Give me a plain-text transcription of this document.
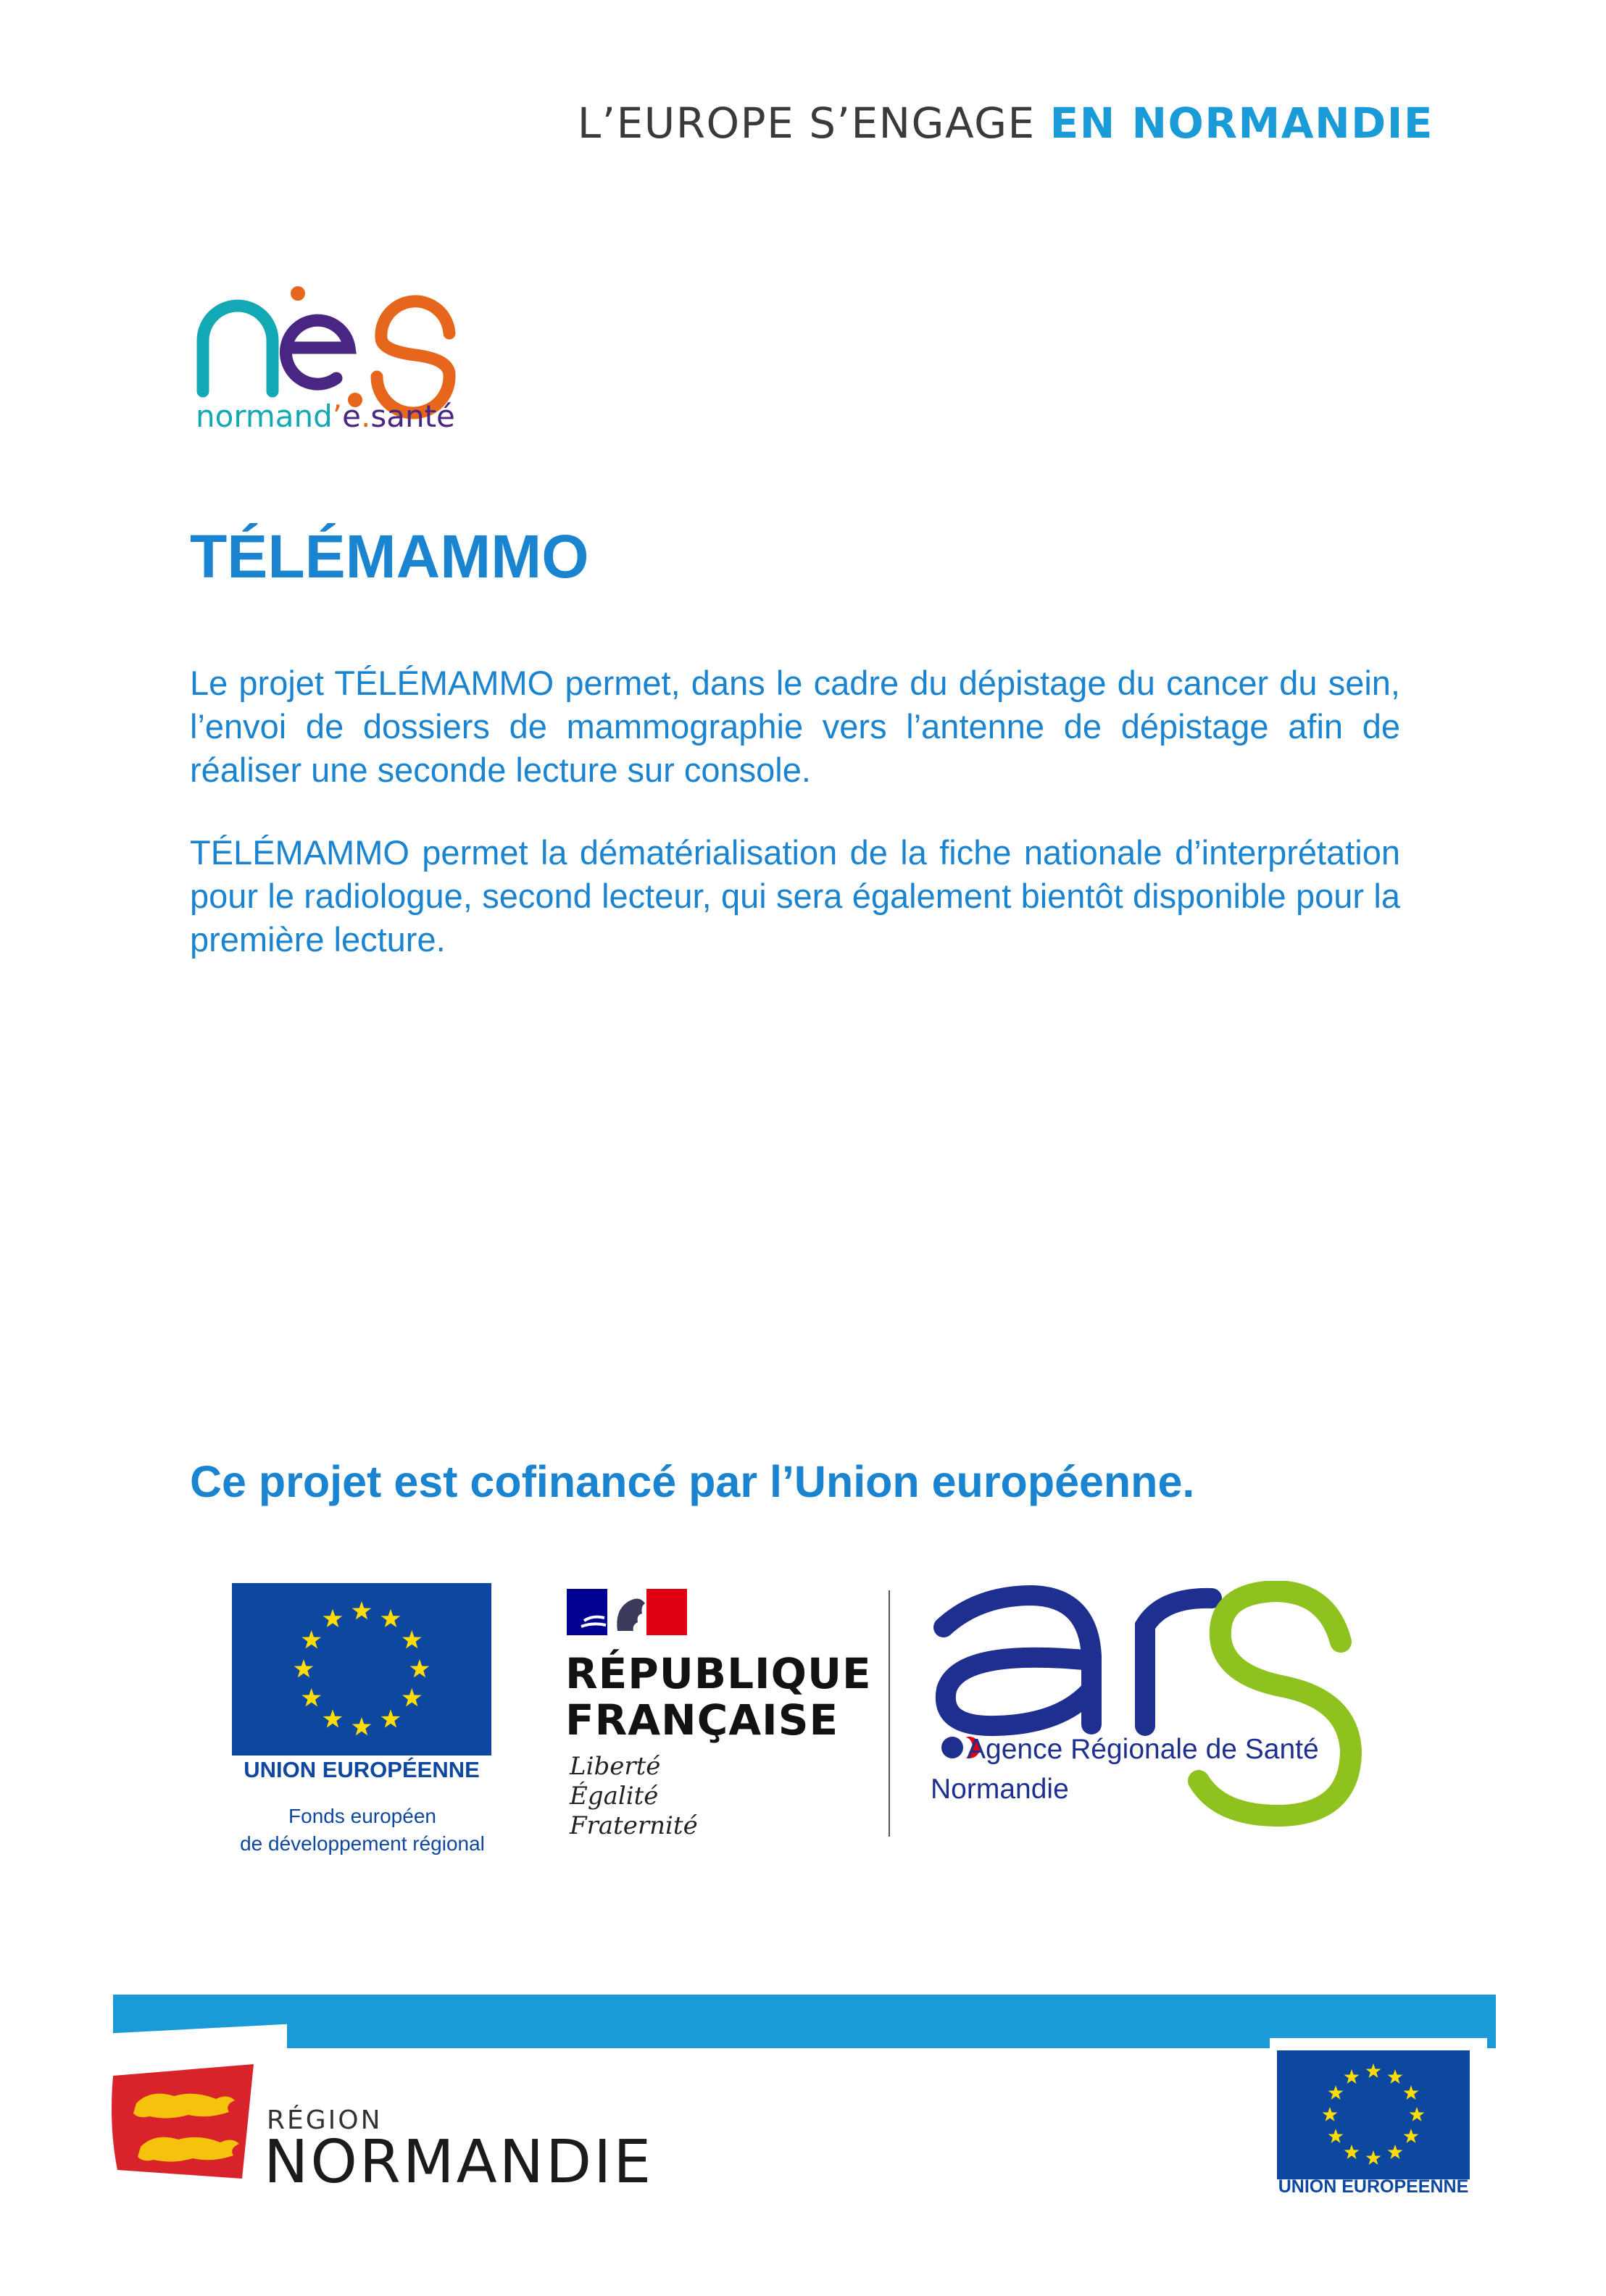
L’EUROPE S’ENGAGE EN NORMANDIE
normand’e.santé
TÉLÉMAMMO

Le projet TÉLÉMAMMO permet, dans le cadre du dépistage du cancer du sein, l’envoi de dossiers de mammographie vers l’antenne de dépistage afin de réaliser une seconde lecture sur console.

TÉLÉMAMMO permet la dématérialisation de la fiche nationale d’interprétation pour le radiologue, second lecteur, qui sera également bientôt disponible pour la première lecture.

Ce projet est cofinancé par l’Union européenne.
UNION EUROPÉENNE
Fonds européen
de développement régional
RÉPUBLIQUE
FRANÇAISE
Liberté
Égalité
Fraternité
Agence Régionale de Santé
Normandie
RÉGION
NORMANDIE	UNION EUROPÉENNE
